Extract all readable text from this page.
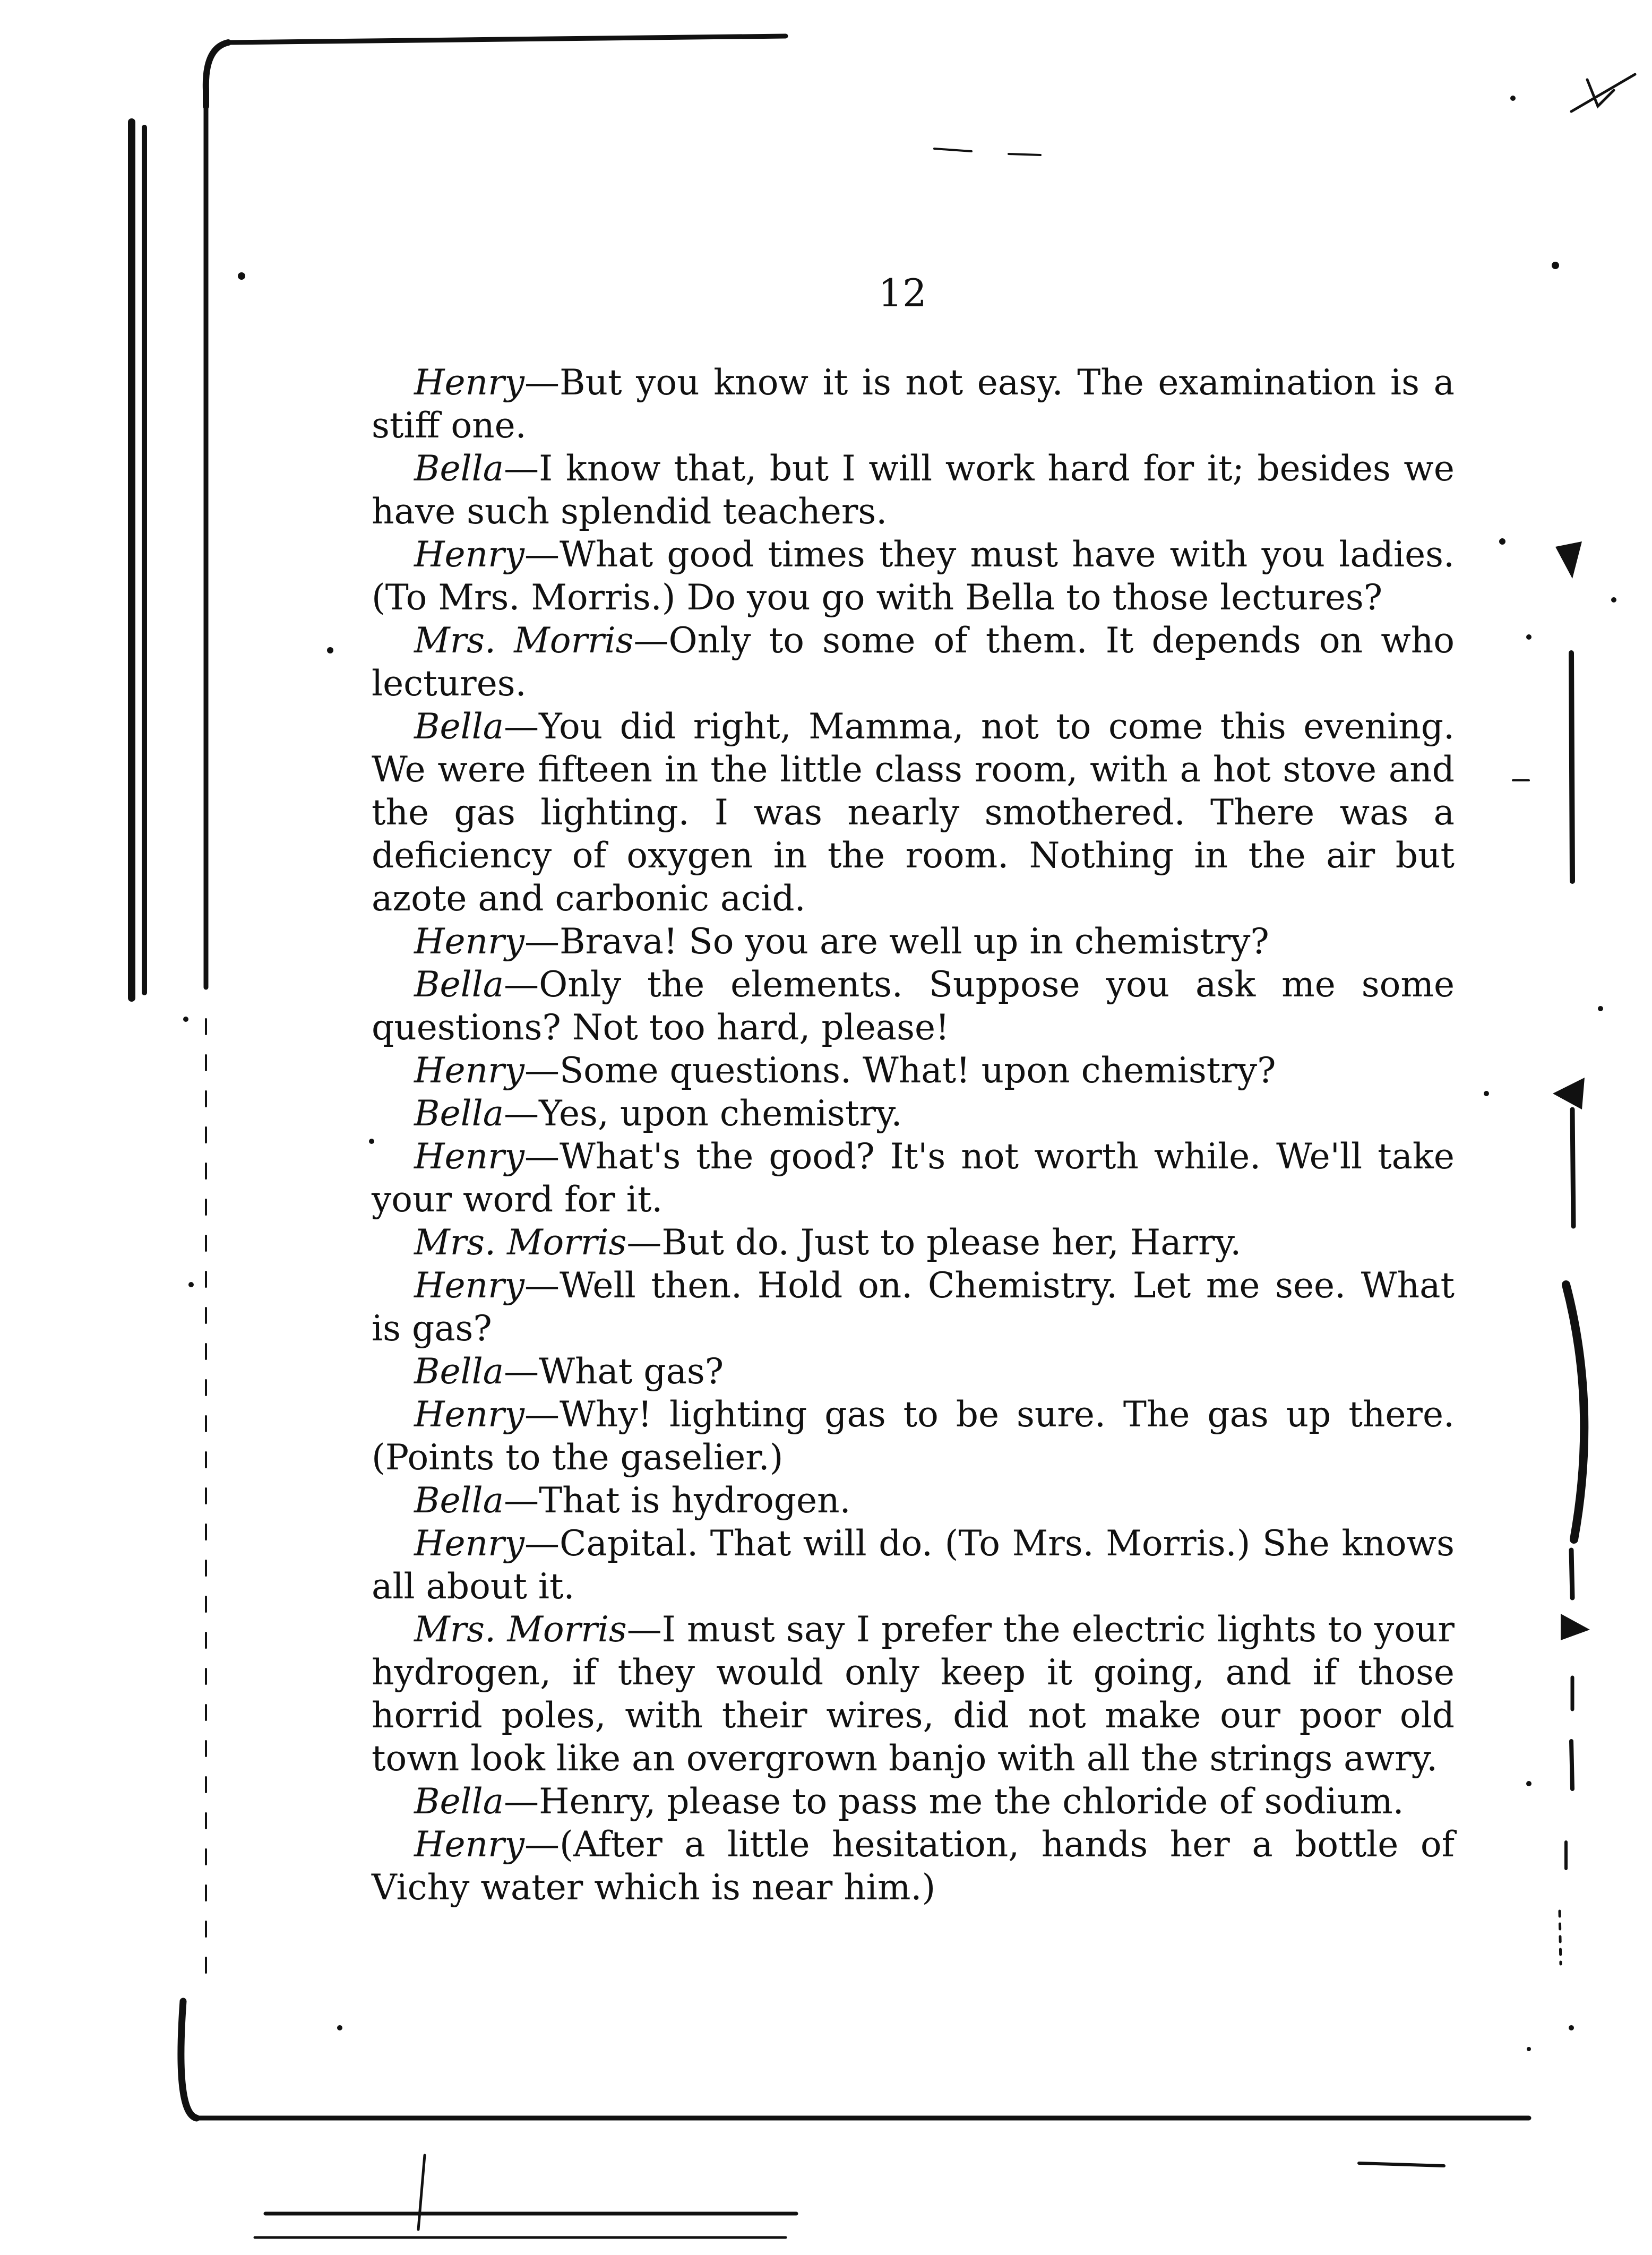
12

Henry—But you know it is not easy. The examination is a stiff one.

Bella—I know that, but I will work hard for it; besides we have such splendid teachers.

Henry—What good times they must have with you ladies. (To Mrs. Morris.) Do you go with Bella to those lectures?

Mrs. Morris—Only to some of them. It depends on who lectures.

Bella—You did right, Mamma, not to come this evening. We were fifteen in the little class room, with a hot stove and the gas lighting. I was nearly smothered. There was a deficiency of oxygen in the room. Nothing in the air but azote and carbonic acid.

Henry—Brava! So you are well up in chemistry?

Bella—Only the elements. Suppose you ask me some questions? Not too hard, please!

Henry—Some questions. What! upon chemistry?

Bella—Yes, upon chemistry.

Henry—What's the good? It's not worth while. We'll take your word for it.

Mrs. Morris—But do. Just to please her, Harry.

Henry—Well then. Hold on. Chemistry. Let me see. What is gas?

Bella—What gas?

Henry—Why! lighting gas to be sure. The gas up there. (Points to the gaselier.)

Bella—That is hydrogen.

Henry—Capital. That will do. (To Mrs. Morris.) She knows all about it.

Mrs. Morris—I must say I prefer the electric lights to your hydrogen, if they would only keep it going, and if those horrid poles, with their wires, did not make our poor old town look like an overgrown banjo with all the strings awry.

Bella—Henry, please to pass me the chloride of sodium.

Henry—(After a little hesitation, hands her a bottle of Vichy water which is near him.)
